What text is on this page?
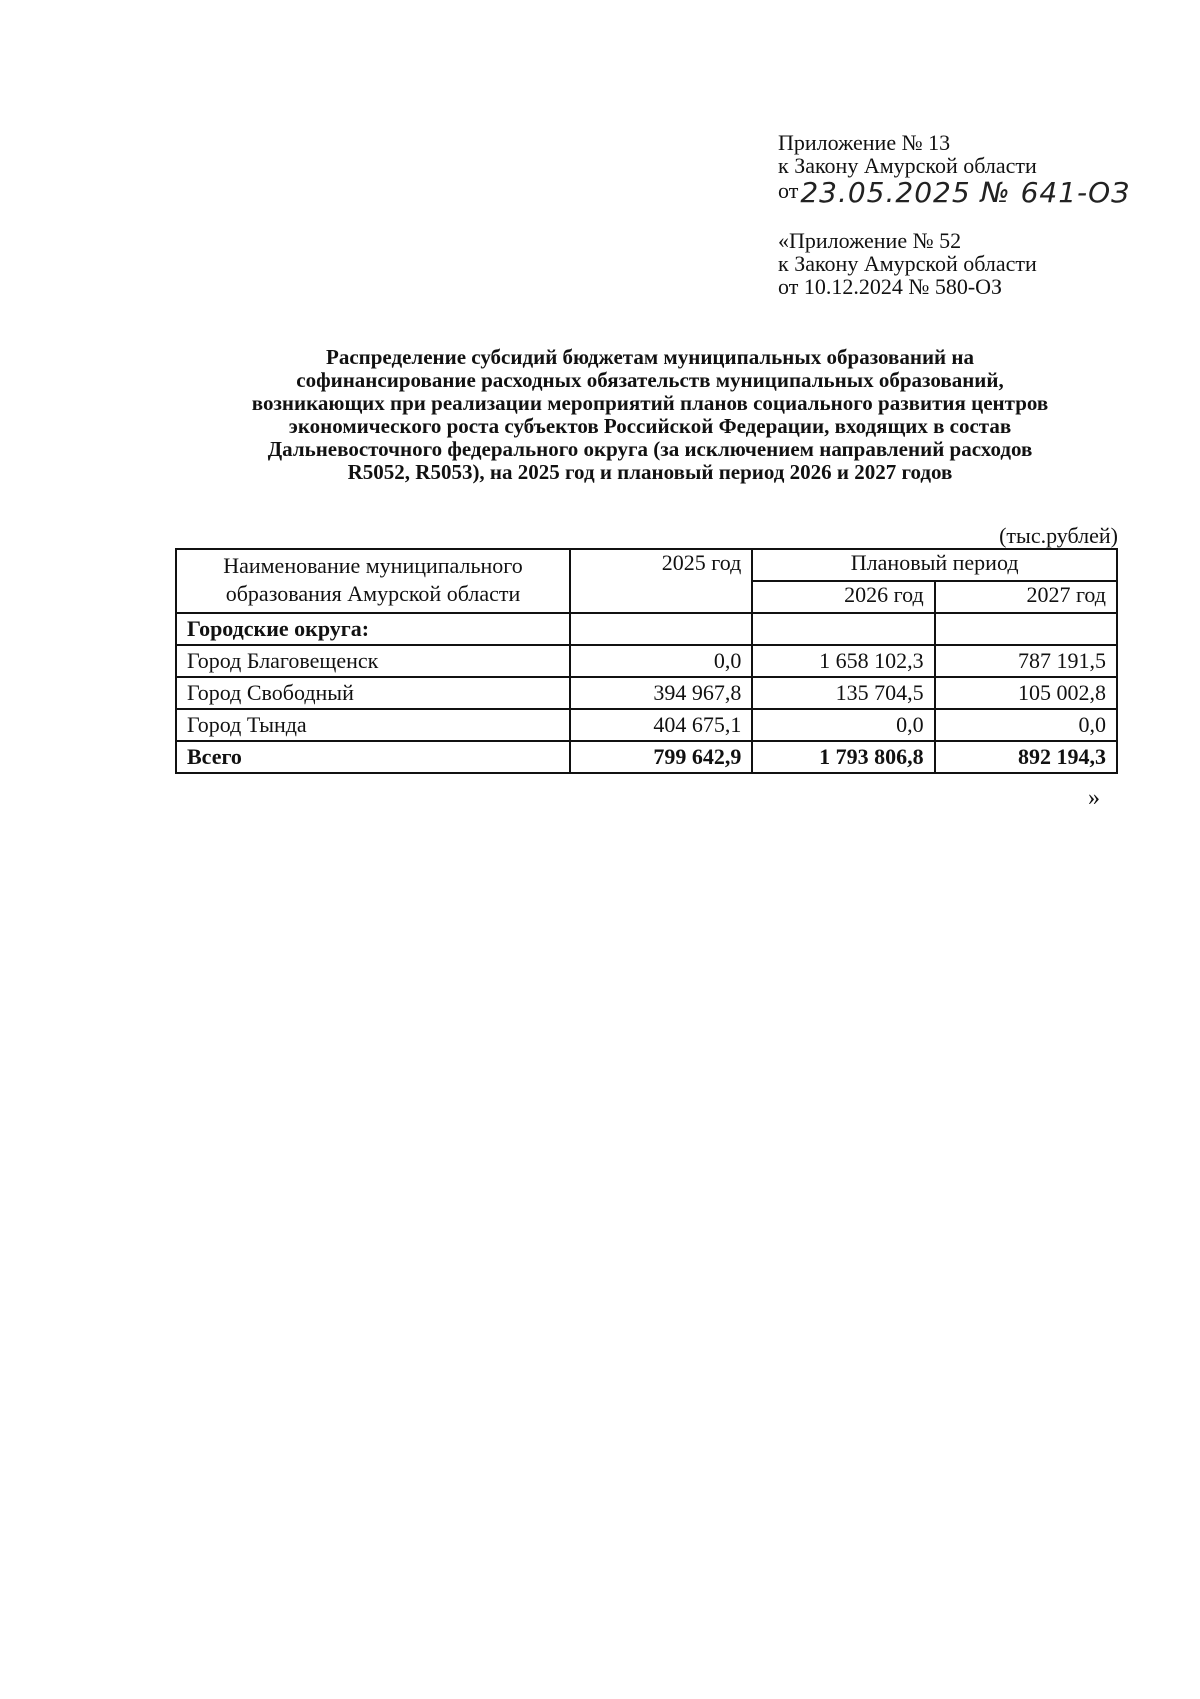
Приложение № 13
к Закону Амурской области
от23.05.2025 № 641-ОЗ
«Приложение № 52
к Закону Амурской области
от 10.12.2024 № 580-ОЗ
Распределение субсидий бюджетам муниципальных образований на
софинансирование расходных обязательств муниципальных образований,
возникающих при реализации мероприятий планов социального развития центров
экономического роста субъектов Российской Федерации, входящих в состав
Дальневосточного федерального округа (за исключением направлений расходов
R5052, R5053), на 2025 год и плановый период 2026 и 2027 годов
(тыс.рублей)
Наименование муниципального
образования Амурской области	2025 год	Плановый период	
		2026 год	2027 год
Городские округа:			
Город Благовещенск	0,0	1 658 102,3	787 191,5
Город Свободный	394 967,8	135 704,5	105 002,8
Город Тында	404 675,1	0,0	0,0
Всего	799 642,9	1 793 806,8	892 194,3
»
